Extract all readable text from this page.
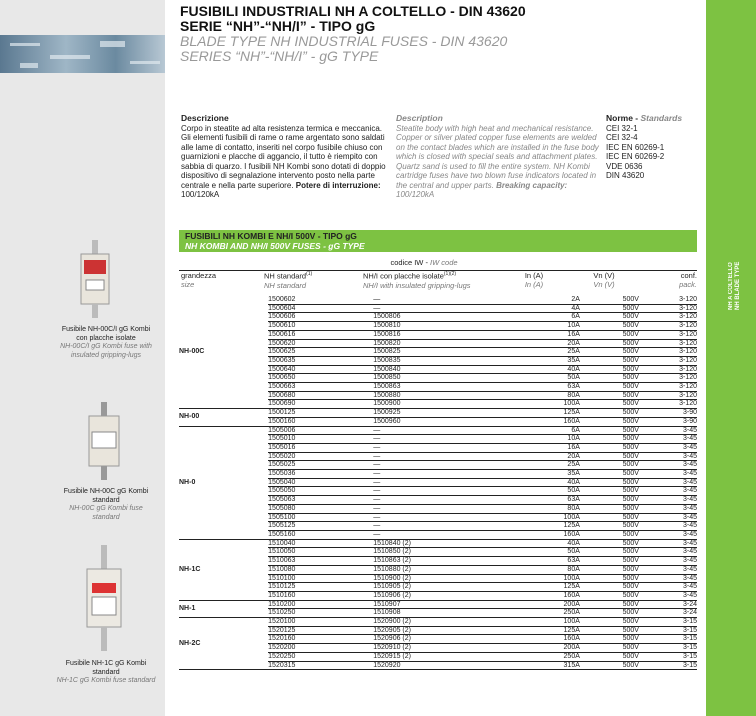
NH A COLTELLO NH BLADE TYPE
FUSIBILI INDUSTRIALI NH A COLTELLO - DIN 43620
SERIE “NH”-“NH/I” - TIPO gG
BLADE TYPE NH INDUSTRIAL FUSES - DIN 43620
SERIES “NH”-“NH/I” - gG TYPE
Descrizione
Corpo in steatite ad alta resistenza termica e meccanica. Gli elementi fusibili di rame o rame argentato sono saldati alle lame di contatto, inseriti nel corpo fusibile chiuso con guarnizioni e placche di aggancio, il tutto è riempito con sabbia di quarzo. I fusibili NH Kombi sono dotati di doppio dispositivo di segnalazione intervento posto nella parte centrale e nella parte superiore. Potere di interruzione: 100/120kA
Description
Steatite body with high heat and mechanical resistance. Copper or silver plated copper fuse elements are welded on the contact blades which are installed in the fuse body which is closed with special seals and attachment plates. Quartz sand is used to fill the entire system. NH Kombi cartridge fuses have two blown fuse indicators located in the central and upper parts. Breaking capacity: 100/120kA
Norme - Standards
CEI 32-1
CEI 32-4
IEC EN 60269-1
IEC EN 60269-2
VDE 0636
DIN 43620
FUSIBILI NH KOMBI E NH/I 500V - TIPO gG
NH KOMBI AND NH/I 500V FUSES - gG TYPE
codice IW - IW code
grandezza
size
NH standard$^{(1)}$
NH standard
NH/I con placche isolate$^{(1)(2)}$
NH/I with insulated gripping-lugs
In (A)
In (A)
Vn (V)
Vn (V)
conf.
pack.
NH-00C	1500602	—	2A	500V	3-120
	1500604	—	4A	500V	3-120
	1500606	1500806	6A	500V	3-120
	1500610	1500810	10A	500V	3-120
	1500616	1500816	16A	500V	3-120
	1500620	1500820	20A	500V	3-120
	1500625	1500825	25A	500V	3-120
	1500635	1500835	35A	500V	3-120
	1500640	1500840	40A	500V	3-120
	1500650	1500850	50A	500V	3-120
	1500663	1500863	63A	500V	3-120
	1500680	1500880	80A	500V	3-120
	1500690	1500900	100A	500V	3-120
NH-00	1500125	1500925	125A	500V	3-90
	1500160	1500960	160A	500V	3-90
NH-0	1505006	—	6A	500V	3-45
	1505010	—	10A	500V	3-45
	1505016	—	16A	500V	3-45
	1505020	—	20A	500V	3-45
	1505025	—	25A	500V	3-45
	1505036	—	35A	500V	3-45
	1505040	—	40A	500V	3-45
	1505050	—	50A	500V	3-45
	1505063	—	63A	500V	3-45
	1505080	—	80A	500V	3-45
	1505100	—	100A	500V	3-45
	1505125	—	125A	500V	3-45
	1505160	—	160A	500V	3-45
NH-1C	1510040	1510840 (2)	40A	500V	3-45
	1510050	1510850 (2)	50A	500V	3-45
	1510063	1510863 (2)	63A	500V	3-45
	1510080	1510880 (2)	80A	500V	3-45
	1510100	1510900 (2)	100A	500V	3-45
	1510125	1510905 (2)	125A	500V	3-45
	1510160	1510906 (2)	160A	500V	3-45
NH-1	1510200	1510907	200A	500V	3-24
	1510250	1510908	250A	500V	3-24
NH-2C	1520100	1520900 (2)	100A	500V	3-15
	1520125	1520905 (2)	125A	500V	3-15
	1520160	1520906 (2)	160A	500V	3-15
	1520200	1520910 (2)	200A	500V	3-15
	1520250	1520915 (2)	250A	500V	3-15
	1520315	1520920	315A	500V	3-15
Fusibile NH-00C/I gG Kombi con placche isolate
NH-00C/I gG Kombi fuse with insulated gripping-lugs
Fusibile NH-00C gG Kombi standard
NH-00C gG Kombi fuse standard
Fusibile NH-1C gG Kombi standard
NH-1C gG Kombi fuse standard
